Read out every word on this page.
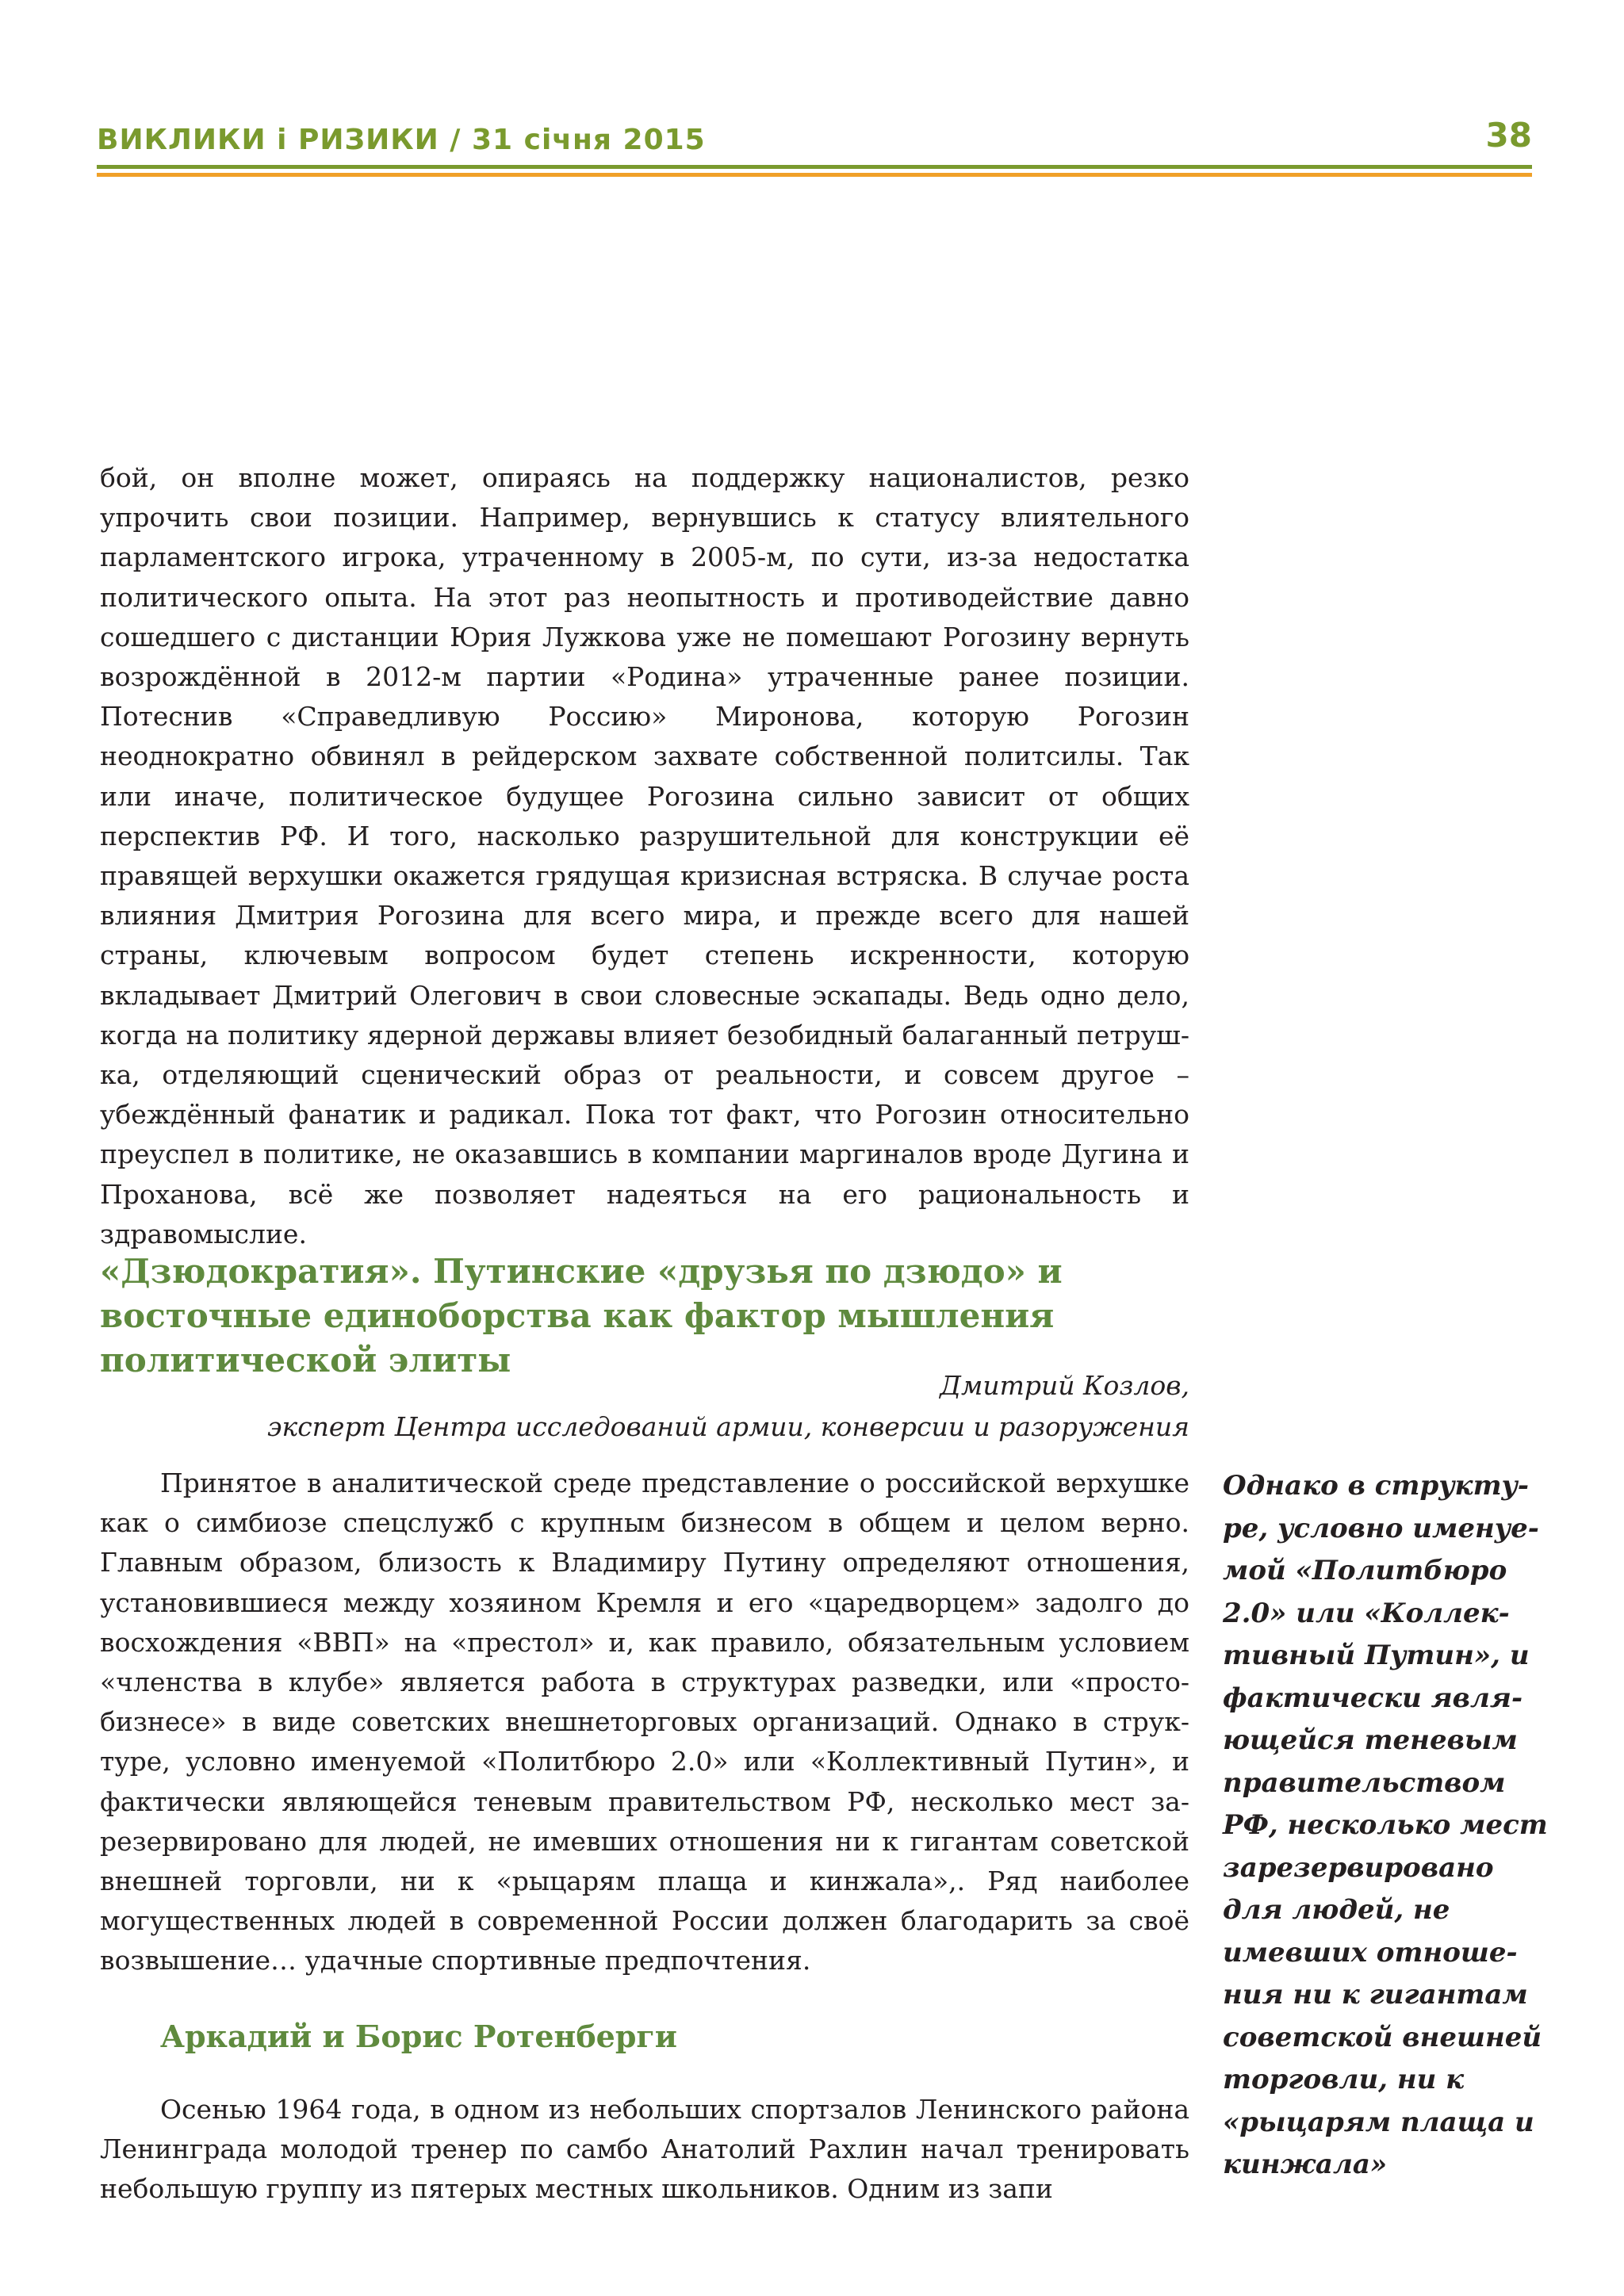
ВИКЛИКИ і РИЗИКИ / 31 січня 2015	38

бой, он вполне может, опираясь на поддержку националистов, резко упрочить свои позиции. Например, вернувшись к статусу влиятельного парламентского игрока, утраченному в 2005-м, по сути, из-за недостатка политического опыта. На этот раз неопытность и противодействие давно сошедшего с дистанции Юрия Лужкова уже не помешают Рогозину вернуть возрождённой в 2012-м партии «Родина» утраченные ранее позиции. Потеснив «Справедливую Россию» Миронова, которую Рогозин неоднократно обвинял в рейдерском захвате собственной политсилы. Так или иначе, политическое будущее Рогозина сильно зависит от общих перспектив РФ. И того, насколько разрушительной для конструкции её правящей верхушки окажется грядущая кризисная встряска. В случае роста влияния Дмитрия Рогозина для всего мира, и прежде всего для нашей страны, ключевым вопросом будет степень искренности, которую вкладывает Дмитрий Олегович в свои словесные эскапады. Ведь одно дело, когда на политику ядерной державы влияет безобидный балаганный петрушка, отделяющий сценический образ от реальности, и совсем другое – убеждённый фанатик и радикал. Пока тот факт, что Рогозин относительно преуспел в политике, не оказавшись в компании маргиналов вроде Дугина и Проханова, всё же позволяет надеяться на его рациональность и здравомыслие.

«Дзюдократия». Путинские «друзья по дзюдо» и восточные единоборства как фактор мышления политической элиты
Дмитрий Козлов,
эксперт Центра исследований армии, конверсии и разоружения

Принятое в аналитической среде представление о российской верхушке как о симбиозе спецслужб с крупным бизнесом в общем и целом верно. Главным образом, близость к Владимиру Путину определяют отношения, установившиеся между хозяином Кремля и его «царедворцем» задолго до восхождения «ВВП» на «престол» и, как правило, обязательным условием «членства в клубе» является работа в структурах разведки, или «простобизнесе» в виде советских внешнеторговых организаций. Однако в структуре, условно именуемой «Политбюро 2.0» или «Коллективный Путин», и фактически являющейся теневым правительством РФ, несколько мест зарезервировано для людей, не имевших отношения ни к гигантам советской внешней торговли, ни к «рыцарям плаща и кинжала»,. Ряд наиболее могущественных людей в современной России должен благодарить за своё возвышение… удачные спортивные предпочтения.

Аркадий и Борис Ротенберги

Осенью 1964 года, в одном из небольших спортзалов Ленинского района Ленинграда молодой тренер по самбо Анатолий Рахлин начал тренировать небольшую группу из пятерых местных школьников. Одним из запи

Однако в структуре, условно именуемой «Политбюро 2.0» или «Коллективный Путин», и фактически являющейся теневым правительством РФ, несколько мест зарезервировано для людей, не имевших отношения ни к гигантам советской внешней торговли, ни к «рыцарям плаща и кинжала»
